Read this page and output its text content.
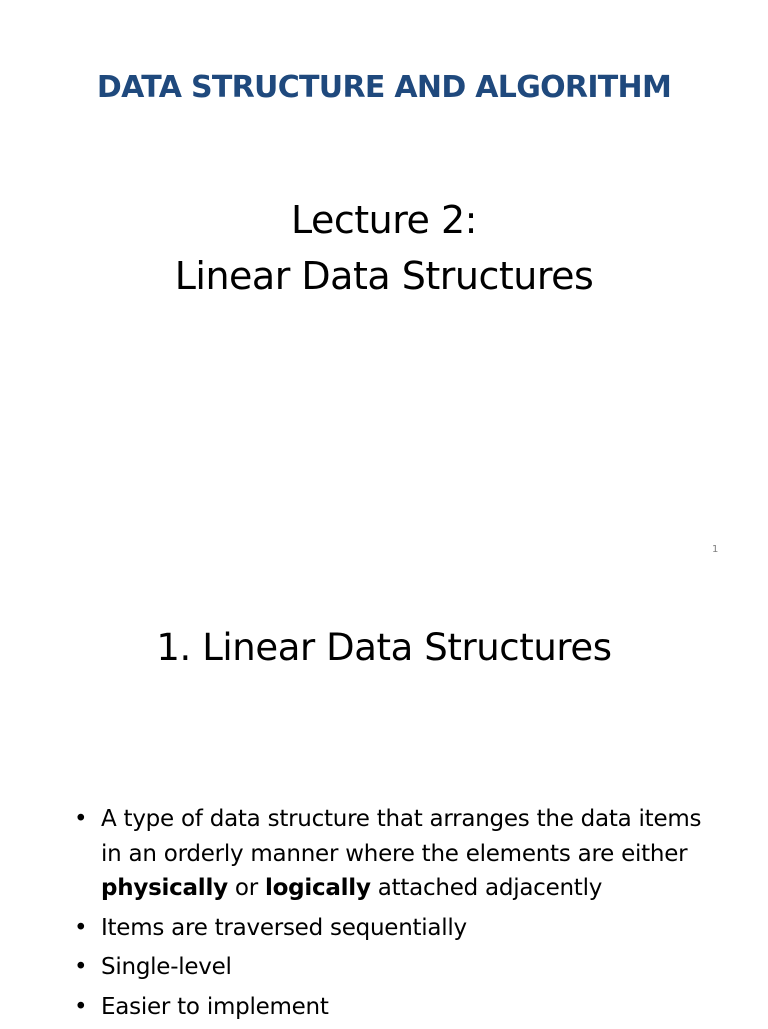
DATA STRUCTURE AND ALGORITHM
Lecture 2:
Linear Data Structures
1
1. Linear Data Structures
• A type of data structure that arranges the data items in an orderly manner where the elements are either physically or logically attached adjacently
• Items are traversed sequentially
• Single-level
• Easier to implement
